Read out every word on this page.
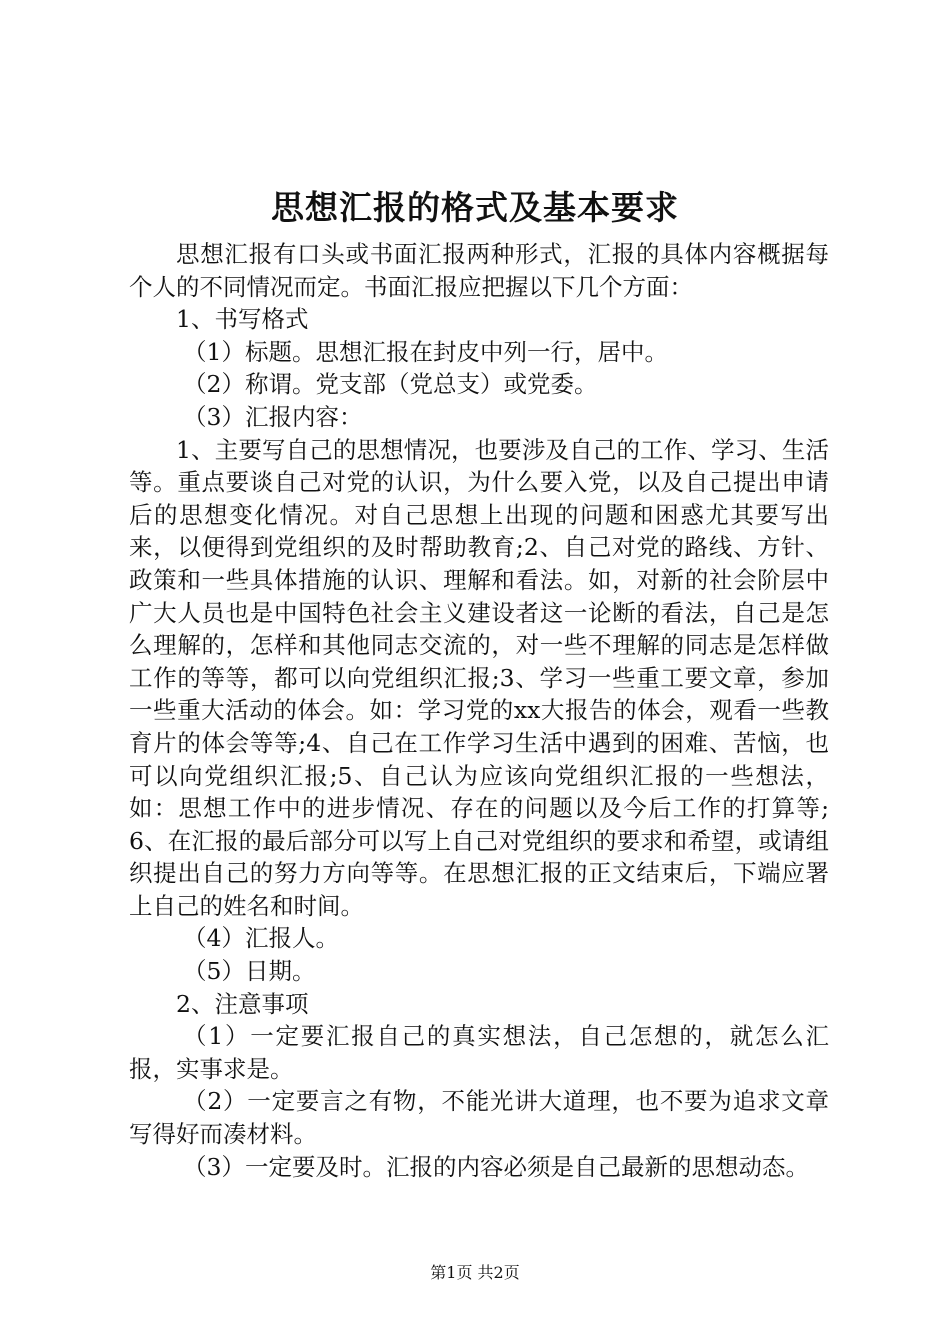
思想汇报的格式及基本要求

思想汇报有口头或书面汇报两种形式，汇报的具体内容概据每个人的不同情况而定。书面汇报应把握以下几个方面：

1、书写格式

（1）标题。思想汇报在封皮中列一行，居中。

（2）称谓。党支部（党总支）或党委。

（3）汇报内容：

1、主要写自己的思想情况，也要涉及自己的工作、学习、生活等。重点要谈自己对党的认识，为什么要入党，以及自己提出申请后的思想变化情况。对自己思想上出现的问题和困惑尤其要写出来，以便得到党组织的及时帮助教育;2、自己对党的路线、方针、政策和一些具体措施的认识、理解和看法。如，对新的社会阶层中广大人员也是中国特色社会主义建设者这一论断的看法，自己是怎么理解的，怎样和其他同志交流的，对一些不理解的同志是怎样做工作的等等，都可以向党组织汇报;3、学习一些重工要文章，参加一些重大活动的体会。如：学习党的xx大报告的体会，观看一些教育片的体会等等;4、自己在工作学习生活中遇到的困难、苦恼，也可以向党组织汇报;5、自己认为应该向党组织汇报的一些想法，如：思想工作中的进步情况、存在的问题以及今后工作的打算等;6、在汇报的最后部分可以写上自己对党组织的要求和希望，或请组织提出自己的努力方向等等。在思想汇报的正文结束后，下端应署上自己的姓名和时间。

（4）汇报人。

（5）日期。

2、注意事项

（1）一定要汇报自己的真实想法，自己怎想的，就怎么汇报，实事求是。

（2）一定要言之有物，不能光讲大道理，也不要为追求文章写得好而凑材料。

（3）一定要及时。汇报的内容必须是自己最新的思想动态。

第1页 共2页
